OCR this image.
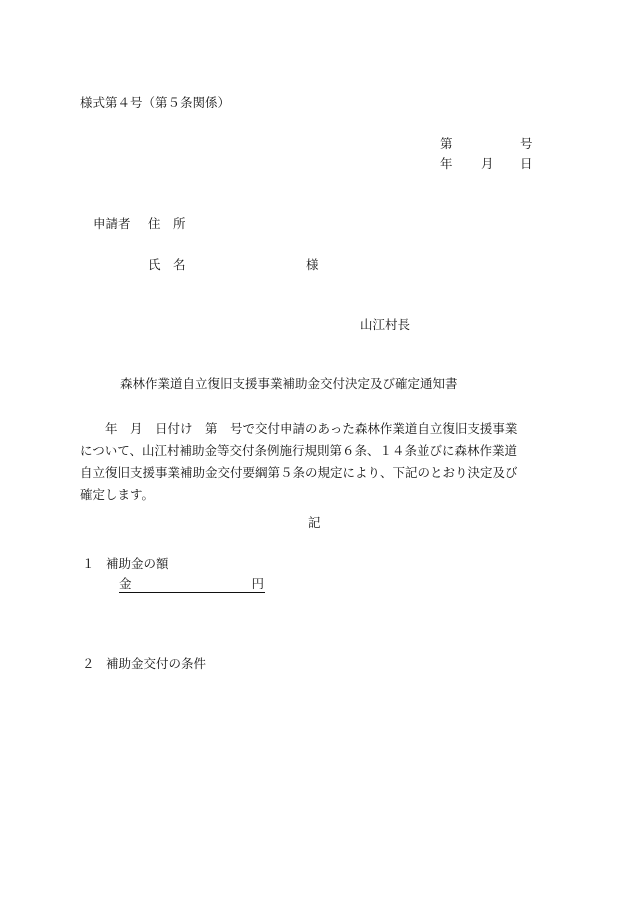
様式第４号（第５条関係）
第	号
年 月 日
申請者 住　所
氏　名	様
山江村長
森林作業道自立復旧支援事業補助金交付決定及び確定通知書
　　年　月　日付け　第　号で交付申請のあった森林作業道自立復旧支援事業
について、山江村補助金等交付条例施行規則第６条、１４条並びに森林作業道
自立復旧支援事業補助金交付要綱第５条の規定により、下記のとおり決定及び
確定します。
記
１ 補助金の額
金	円
２ 補助金交付の条件
